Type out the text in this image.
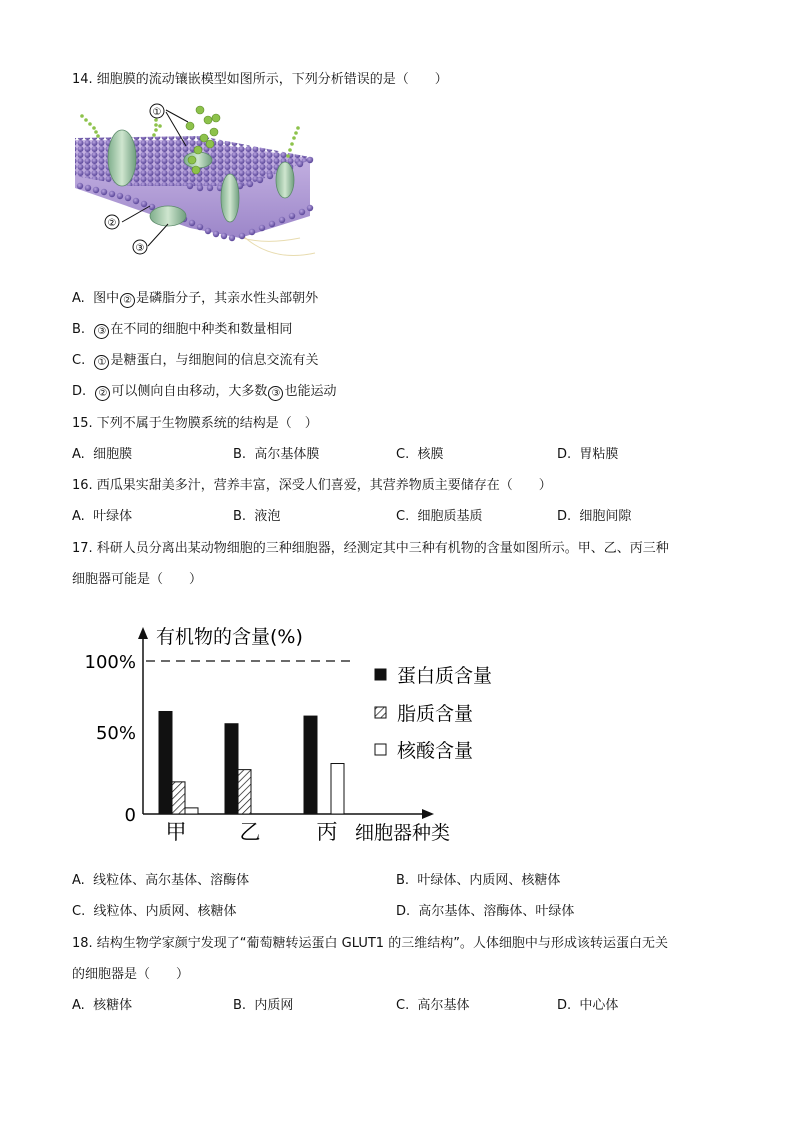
14. 细胞膜的流动镶嵌模型如图所示，下列分析错误的是（　　）
①
②
③
A. 图中 ② 是磷脂分子，其亲水性头部朝外
B. ③ 在不同的细胞中种类和数量相同
C. ① 是糖蛋白，与细胞间的信息交流有关
D. ② 可以侧向自由移动，大多数 ③ 也能运动
15. 下列不属于生物膜系统的结构是（　）
A. 细胞膜	B. 高尔基体膜	C. 核膜	D. 胃粘膜
16. 西瓜果实甜美多汁，营养丰富，深受人们喜爱，其营养物质主要储存在（　　）
A. 叶绿体	B. 液泡	C. 细胞质基质	D. 细胞间隙
17. 科研人员分离出某动物细胞的三种细胞器，经测定其中三种有机物的含量如图所示。甲、乙、丙三种
细胞器可能是（　　）
有机物的含量(%)
100%
50%
0
甲	乙	丙 细胞器种类
蛋白质含量
脂质含量
核酸含量
A. 线粒体、高尔基体、溶酶体	B. 叶绿体、内质网、核糖体
C. 线粒体、内质网、核糖体	D. 高尔基体、溶酶体、叶绿体
18. 结构生物学家颜宁发现了“葡萄糖转运蛋白 GLUT1 的三维结构”。人体细胞中与形成该转运蛋白无关
的细胞器是（　　）
A. 核糖体	B. 内质网	C. 高尔基体	D. 中心体
